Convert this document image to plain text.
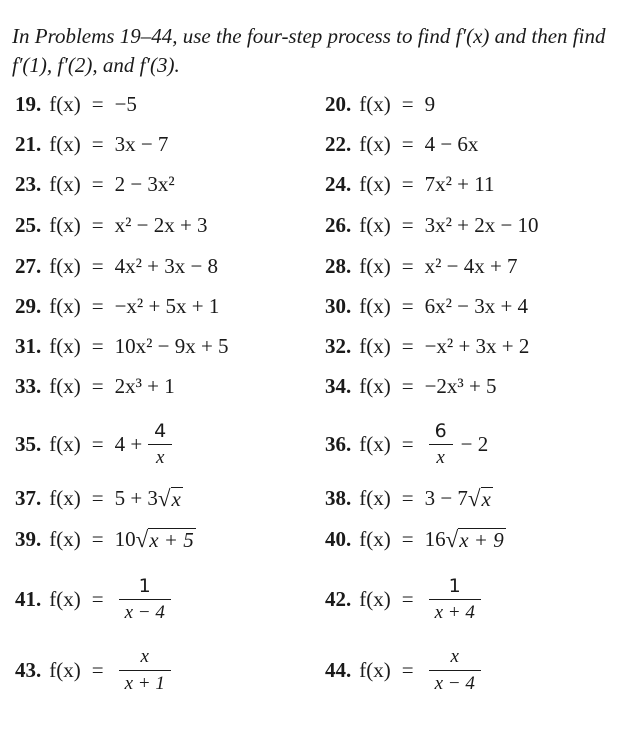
In Problems 19–44, use the four-step process to find f′(x) and then find f′(1), f′(2), and f′(3).
19. f(x) = −5	20. f(x) = 9
21. f(x) = 3x − 7	22. f(x) = 4 − 6x
23. f(x) = 2 − 3x²	24. f(x) = 7x² + 11
25. f(x) = x² − 2x + 3	26. f(x) = 3x² + 2x − 10
27. f(x) = 4x² + 3x − 8	28. f(x) = x² − 4x + 7
29. f(x) = −x² + 5x + 1	30. f(x) = 6x² − 3x + 4
31. f(x) = 10x² − 9x + 5	32. f(x) = −x² + 3x + 2
33. f(x) = 2x³ + 1	34. f(x) = −2x³ + 5
35. $f(x) = 4 + \frac{4}{x}$	36. $f(x) = \frac{6}{x} - 2$
37. f(x) = 5 + 3 √ x	38. f(x) = 3 − 7 √ x
39. f(x) = 10 √ x + 5	40. f(x) = 16 √ x + 9
41. $f(x) = \frac{1}{x - 4}$	42. $f(x) = \frac{1}{x + 4}$
43. $f(x) = \frac{x}{x + 1}$	44. $f(x) = \frac{x}{x - 4}$
